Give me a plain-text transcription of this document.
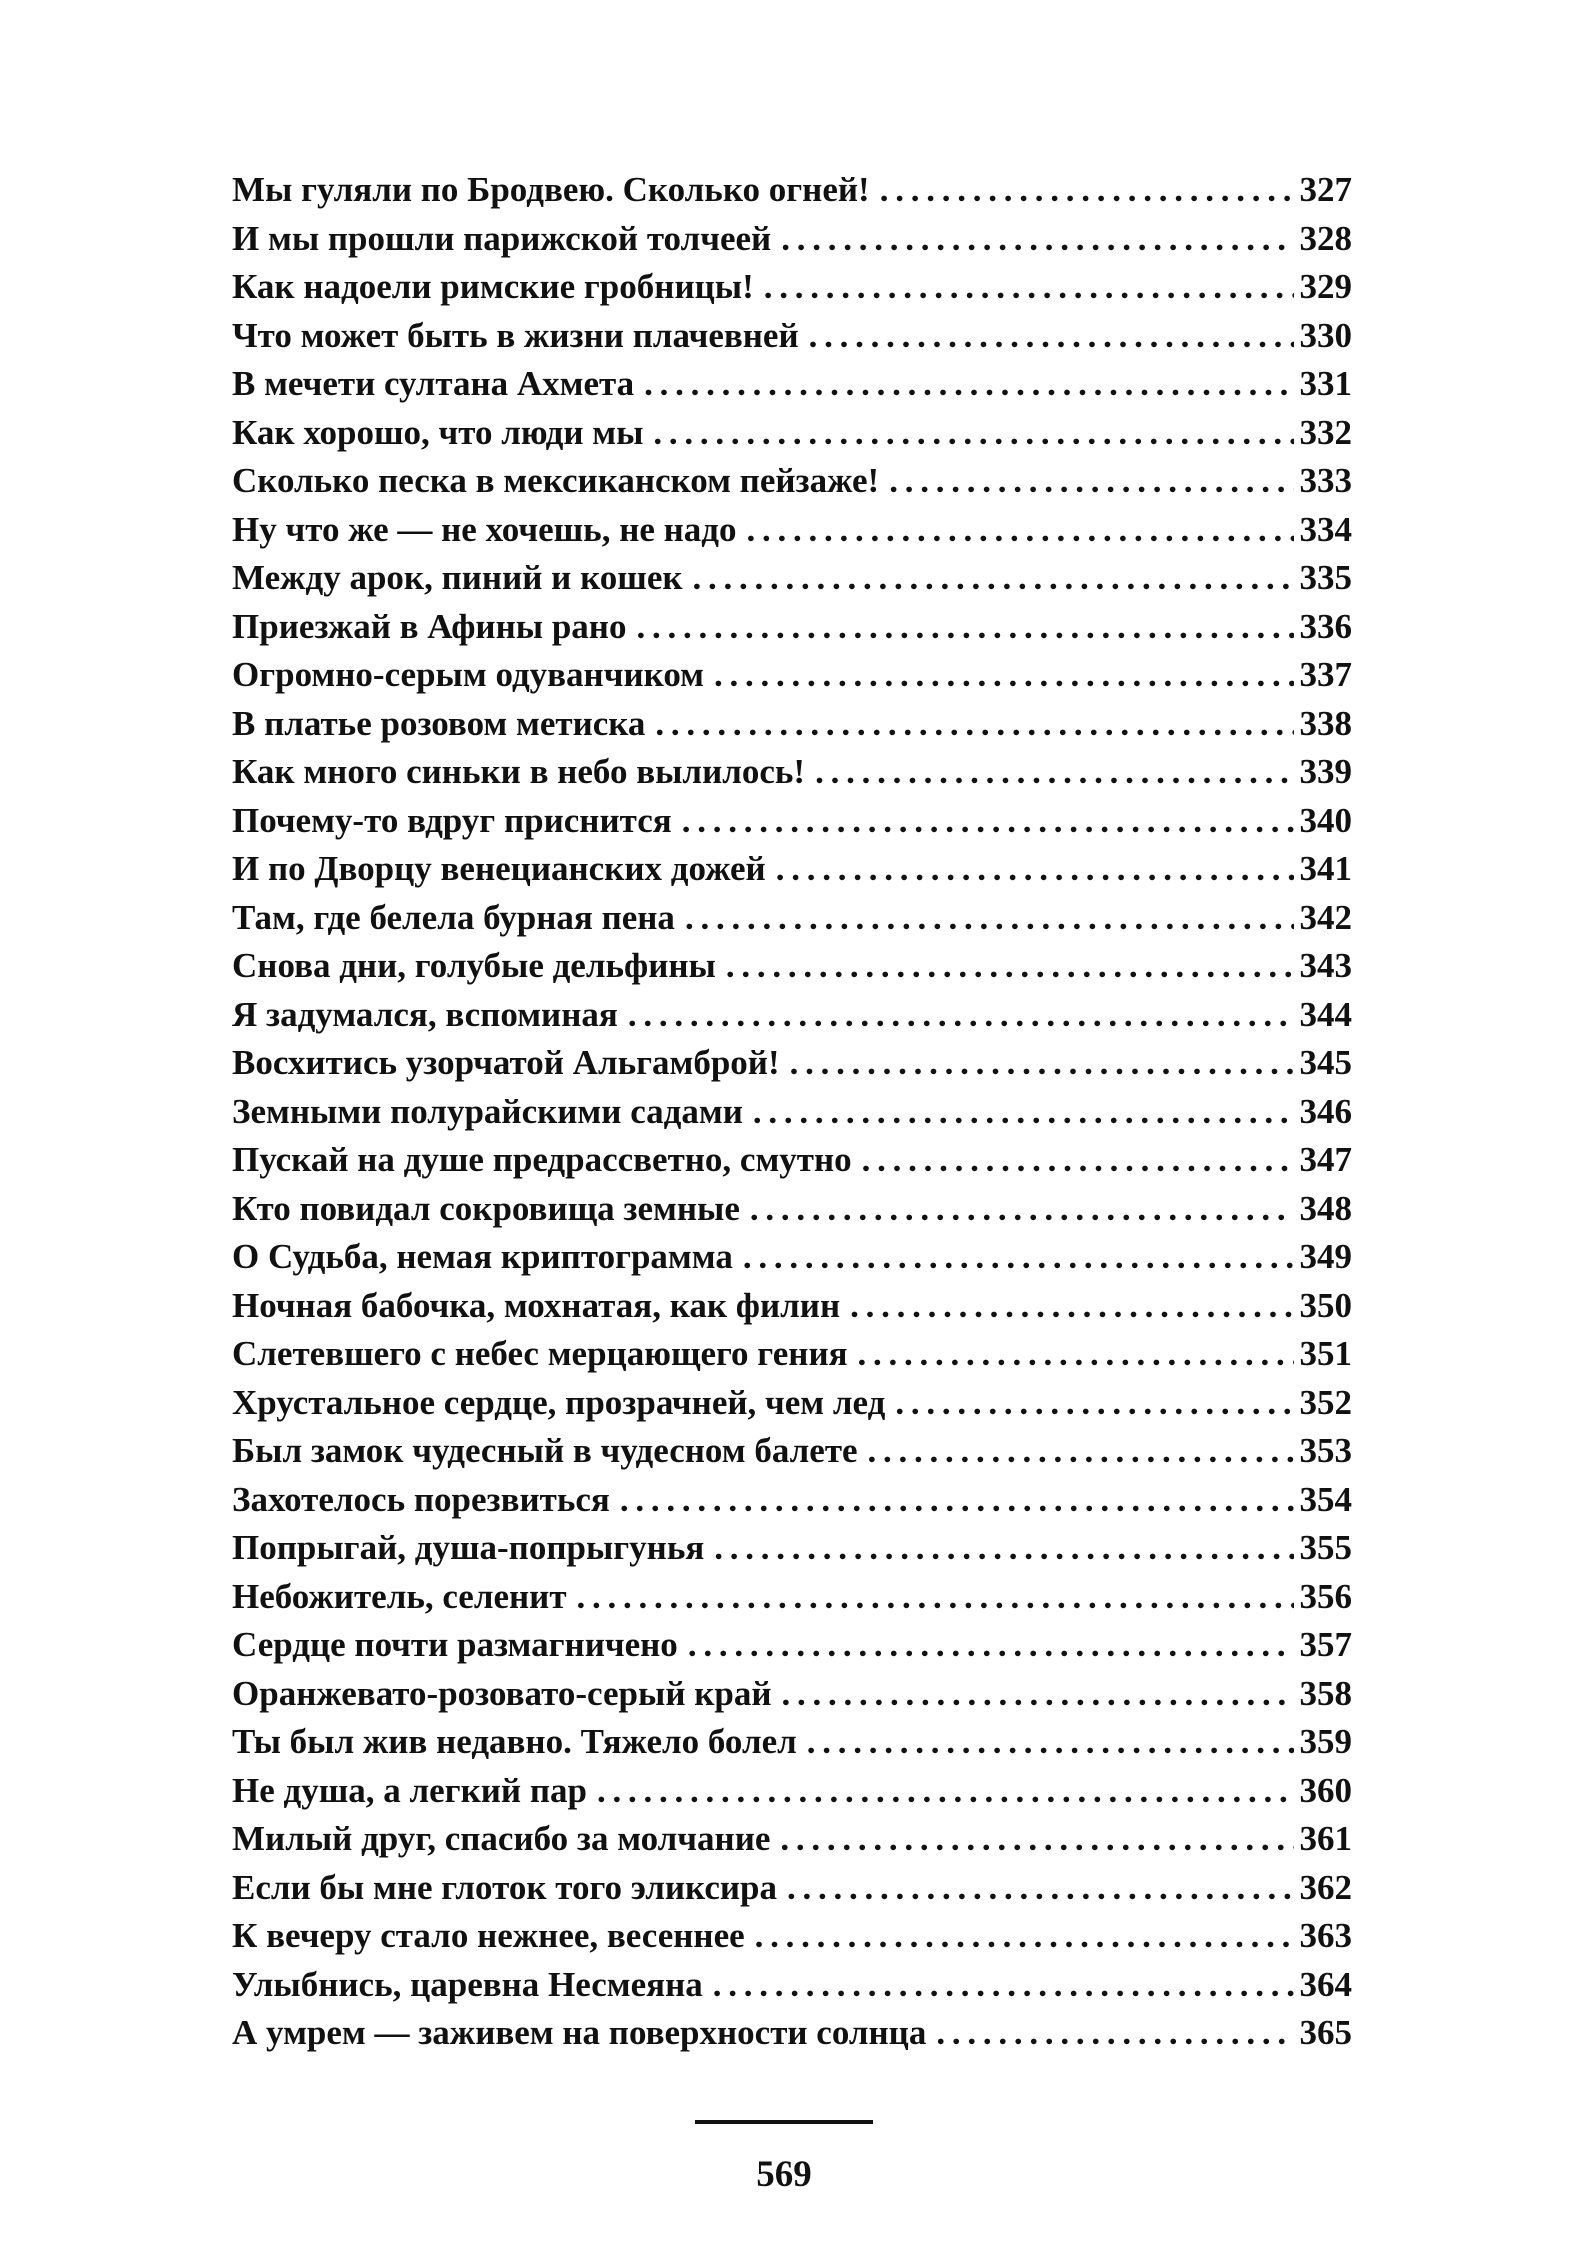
Мы гуляли по Бродвею. Сколько огней! . . .	327
И мы прошли парижской толчеей . . .	328
Как надоели римские гробницы! . . .	329
Что может быть в жизни плачевней . . .	330
В мечети султана Ахмета . . .	331
Как хорошо, что люди мы . . .	332
Сколько песка в мексиканском пейзаже! . . .	333
Ну что же — не хочешь, не надо . . .	334
Между арок, пиний и кошек . . .	335
Приезжай в Афины рано . . .	336
Огромно-серым одуванчиком . . .	337
В платье розовом метиска . . .	338
Как много синьки в небо вылилось! . . .	339
Почему-то вдруг приснится . . .	340
И по Дворцу венецианских дожей . . .	341
Там, где белела бурная пена . . .	342
Снова дни, голубые дельфины . . .	343
Я задумался, вспоминая . . .	344
Восхитись узорчатой Альгамброй! . . .	345
Земными полурайскими садами . . .	346
Пускай на душе предрассветно, смутно . . .	347
Кто повидал сокровища земные . . .	348
О Судьба, немая криптограмма . . .	349
Ночная бабочка, мохнатая, как филин . . .	350
Слетевшего с небес мерцающего гения . . .	351
Хрустальное сердце, прозрачней, чем лед . . .	352
Был замок чудесный в чудесном балете . . .	353
Захотелось порезвиться . . .	354
Попрыгай, душа-попрыгунья . . .	355
Небожитель, селенит . . .	356
Сердце почти размагничено . . .	357
Оранжевато-розовато-серый край . . .	358
Ты был жив недавно. Тяжело болел . . .	359
Не душа, а легкий пар . . .	360
Милый друг, спасибо за молчание . . .	361
Если бы мне глоток того эликсира . . .	362
К вечеру стало нежнее, весеннее . . .	363
Улыбнись, царевна Несмеяна . . .	364
А умрем — заживем на поверхности солнца . . .	365
569
